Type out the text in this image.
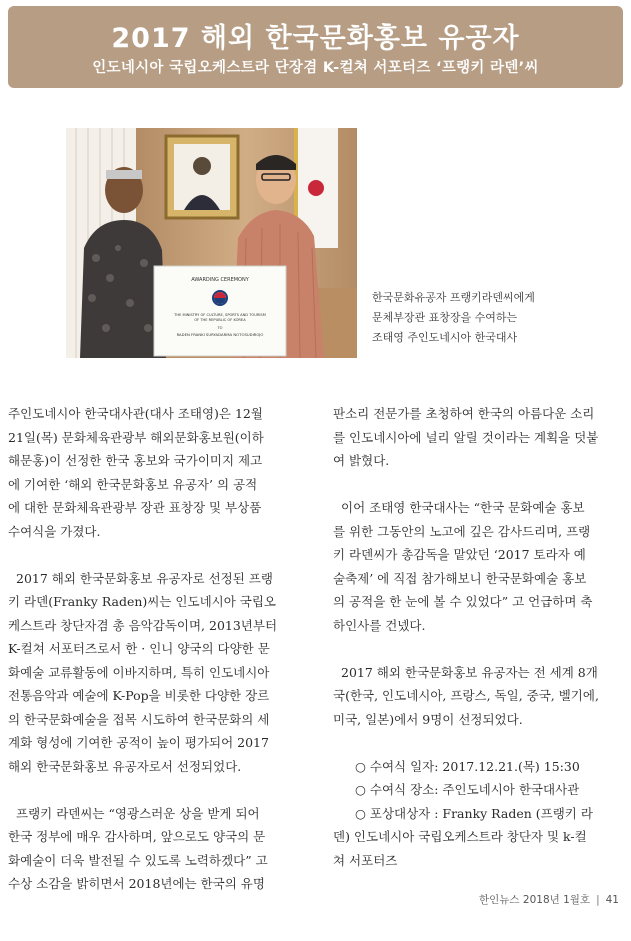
2017 해외 한국문화홍보 유공자
인도네시아 국립오케스트라 단장겸 K-컬쳐 서포터즈 ‘프랭키 라덴’씨
AWARDING CEREMONY
THE MINISTRY OF CULTURE, SPORTS AND TOURISM
OF THE REPUBLIC OF KOREA
TO
RADEN FRANKI SURYADARMA NOTOSUDIROJO
한국문화유공자 프랭키라덴씨에게
문체부장관 표창장을 수여하는
조태영 주인도네시아 한국대사

주인도네시아 한국대사관(대사 조태영)은 12월
21일(목) 문화체육관광부 해외문화홍보원(이하
해문홍)이 선정한 한국 홍보와 국가이미지 제고
에 기여한 ‘해외 한국문화홍보 유공자’ 의 공적
에 대한 문화체육관광부 장관 표창장 및 부상품
수여식을 가졌다.

2017 해외 한국문화홍보 유공자로 선정된 프랭
키 라덴(Franky Raden)씨는 인도네시아 국립오
케스트라 창단자겸 총 음악감독이며, 2013년부터
K-컬쳐 서포터즈로서 한 · 인니 양국의 다양한 문
화예술 교류활동에 이바지하며, 특히 인도네시아
전통음악과 예술에 K-Pop을 비롯한 다양한 장르
의 한국문화예술을 접목 시도하여 한국문화의 세
계화 형성에 기여한 공적이 높이 평가되어 2017
해외 한국문화홍보 유공자로서 선정되었다.

프랭키 라덴씨는 “영광스러운 상을 받게 되어
한국 정부에 매우 감사하며, 앞으로도 양국의 문
화예술이 더욱 발전될 수 있도록 노력하겠다” 고
수상 소감을 밝히면서 2018년에는 한국의 유명

판소리 전문가를 초청하여 한국의 아름다운 소리
를 인도네시아에 널리 알릴 것이라는 계획을 덧붙
여 밝혔다.

이어 조태영 한국대사는 “한국 문화예술 홍보
를 위한 그동안의 노고에 깊은 감사드리며, 프랭
키 라덴씨가 총감독을 맡았던 ‘2017 토라자 예
술축제’ 에 직접 참가해보니 한국문화예술 홍보
의 공적을 한 눈에 볼 수 있었다” 고 언급하며 축
하인사를 건넸다.

2017 해외 한국문화홍보 유공자는 전 세계 8개
국(한국, 인도네시아, 프랑스, 독일, 중국, 벨기에,
미국, 일본)에서 9명이 선정되었다.

○ 수여식 일자: 2017.12.21.(목) 15:30

○ 수여식 장소: 주인도네시아 한국대사관

○ 포상대상자 : Franky Raden (프랭키 라
덴) 인도네시아 국립오케스트라 창단자 및 k-컬
쳐 서포터즈

한인뉴스 2018년 1월호 | 41
